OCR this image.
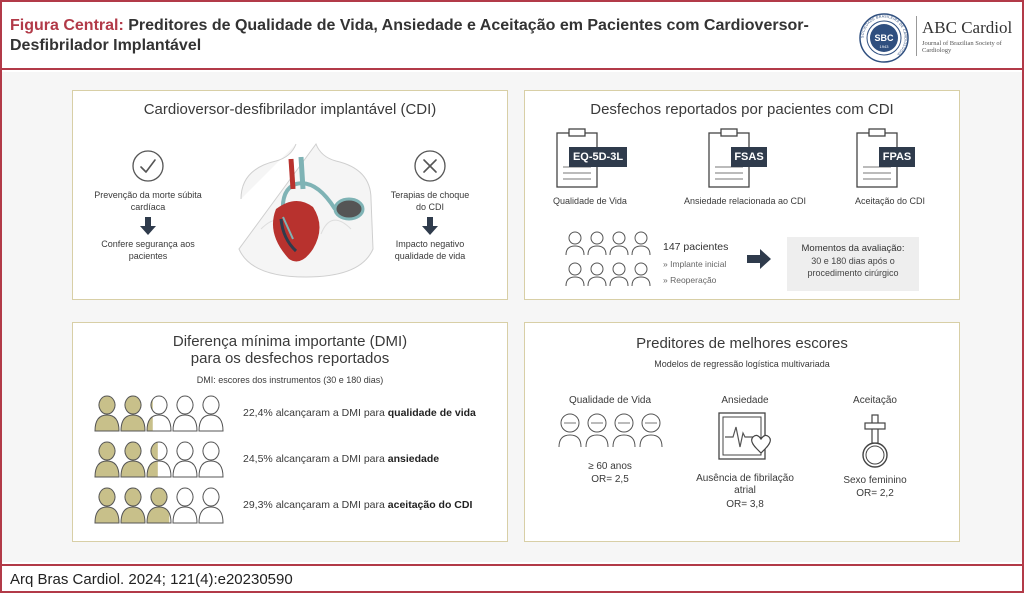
Figura Central: Preditores de Qualidade de Vida, Ansiedade e Aceitação em Pacientes com Cardioversor-Desfibrilador Implantável	SBC
1943
SOCIEDADE BRASILEIRA DE CARDIOLOGIA
ABC Cardiol
Journal of Brazilian Society of Cardiology
Cardioversor-desfibrilador implantável (CDI)
Prevenção da morte súbita cardíaca
Confere segurança aos pacientes
Terapias de choque do CDI
Impacto negativo qualidade de vida
Desfechos reportados por pacientes com CDI
EQ-5D-3L
Qualidade de Vida
FSAS
Ansiedade relacionada ao CDI
FPAS
Aceitação do CDI
147 pacientes
» Implante inicial
» Reoperação
Momentos da avaliação:
30 e 180 dias após o procedimento cirúrgico
Diferença mínima importante (DMI)
para os desfechos reportados
DMI: escores dos instrumentos (30 e 180 dias)
22,4% alcançaram a DMI para qualidade de vida
24,5% alcançaram a DMI para ansiedade
29,3% alcançaram a DMI para aceitação do CDI
Preditores de melhores escores
Modelos de regressão logística multivariada
Qualidade de Vida
≥ 60 anos
OR= 2,5
Ansiedade
Ausência de fibrilação atrial
OR= 3,8
Aceitação
Sexo feminino
OR= 2,2
Arq Bras Cardiol. 2024; 121(4):e20230590
